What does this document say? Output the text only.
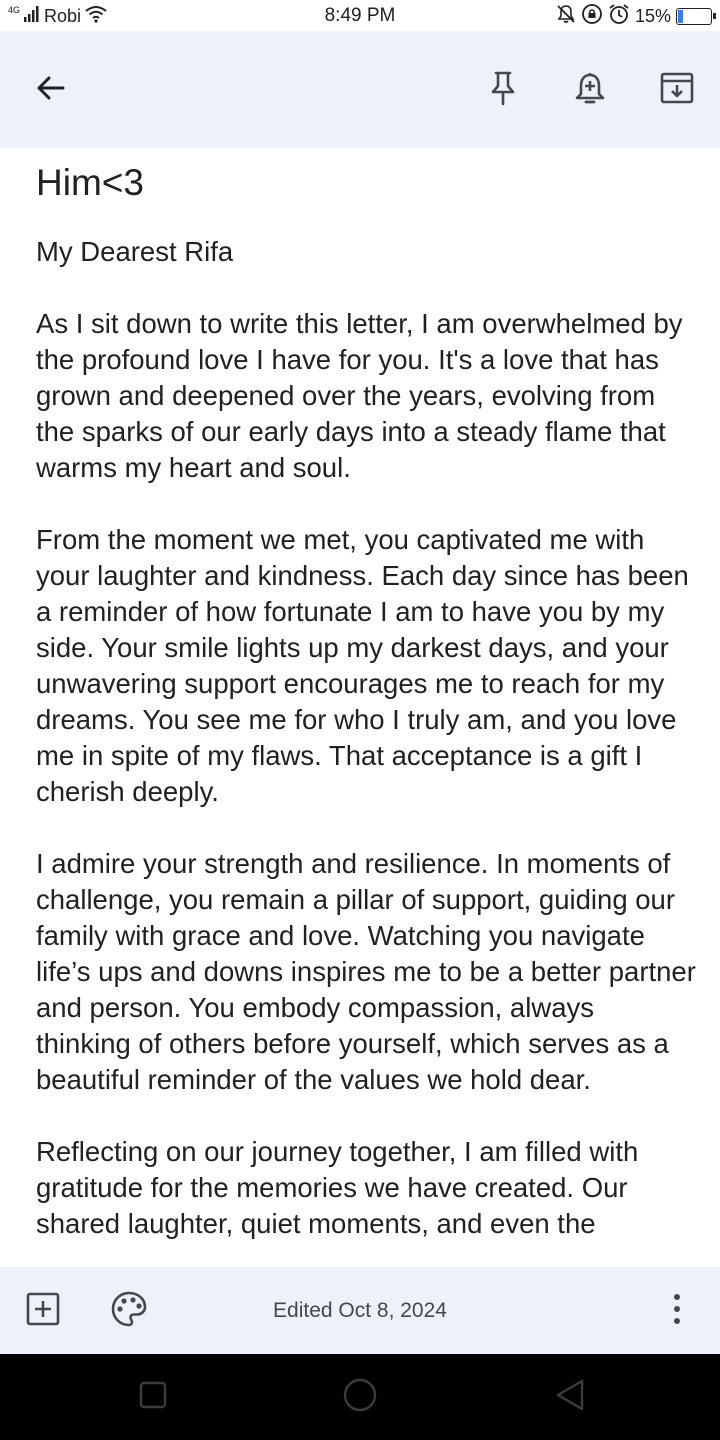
4G Robi	8:49 PM	15%
Him<3
My Dearest Rifa

As I sit down to write this letter, I am overwhelmed by the profound love I have for you. It's a love that has grown and deepened over the years, evolving from the sparks of our early days into a steady flame that warms my heart and soul.

From the moment we met, you captivated me with your laughter and kindness. Each day since has been a reminder of how fortunate I am to have you by my side. Your smile lights up my darkest days, and your unwavering support encourages me to reach for my dreams. You see me for who I truly am, and you love me in spite of my flaws. That acceptance is a gift I cherish deeply.

I admire your strength and resilience. In moments of challenge, you remain a pillar of support, guiding our family with grace and love. Watching you navigate life’s ups and downs inspires me to be a better partner and person. You embody compassion, always thinking of others before yourself, which serves as a beautiful reminder of the values we hold dear.

Reflecting on our journey together, I am filled with gratitude for the memories we have created. Our shared laughter, quiet moments, and even the
Edited Oct 8, 2024
